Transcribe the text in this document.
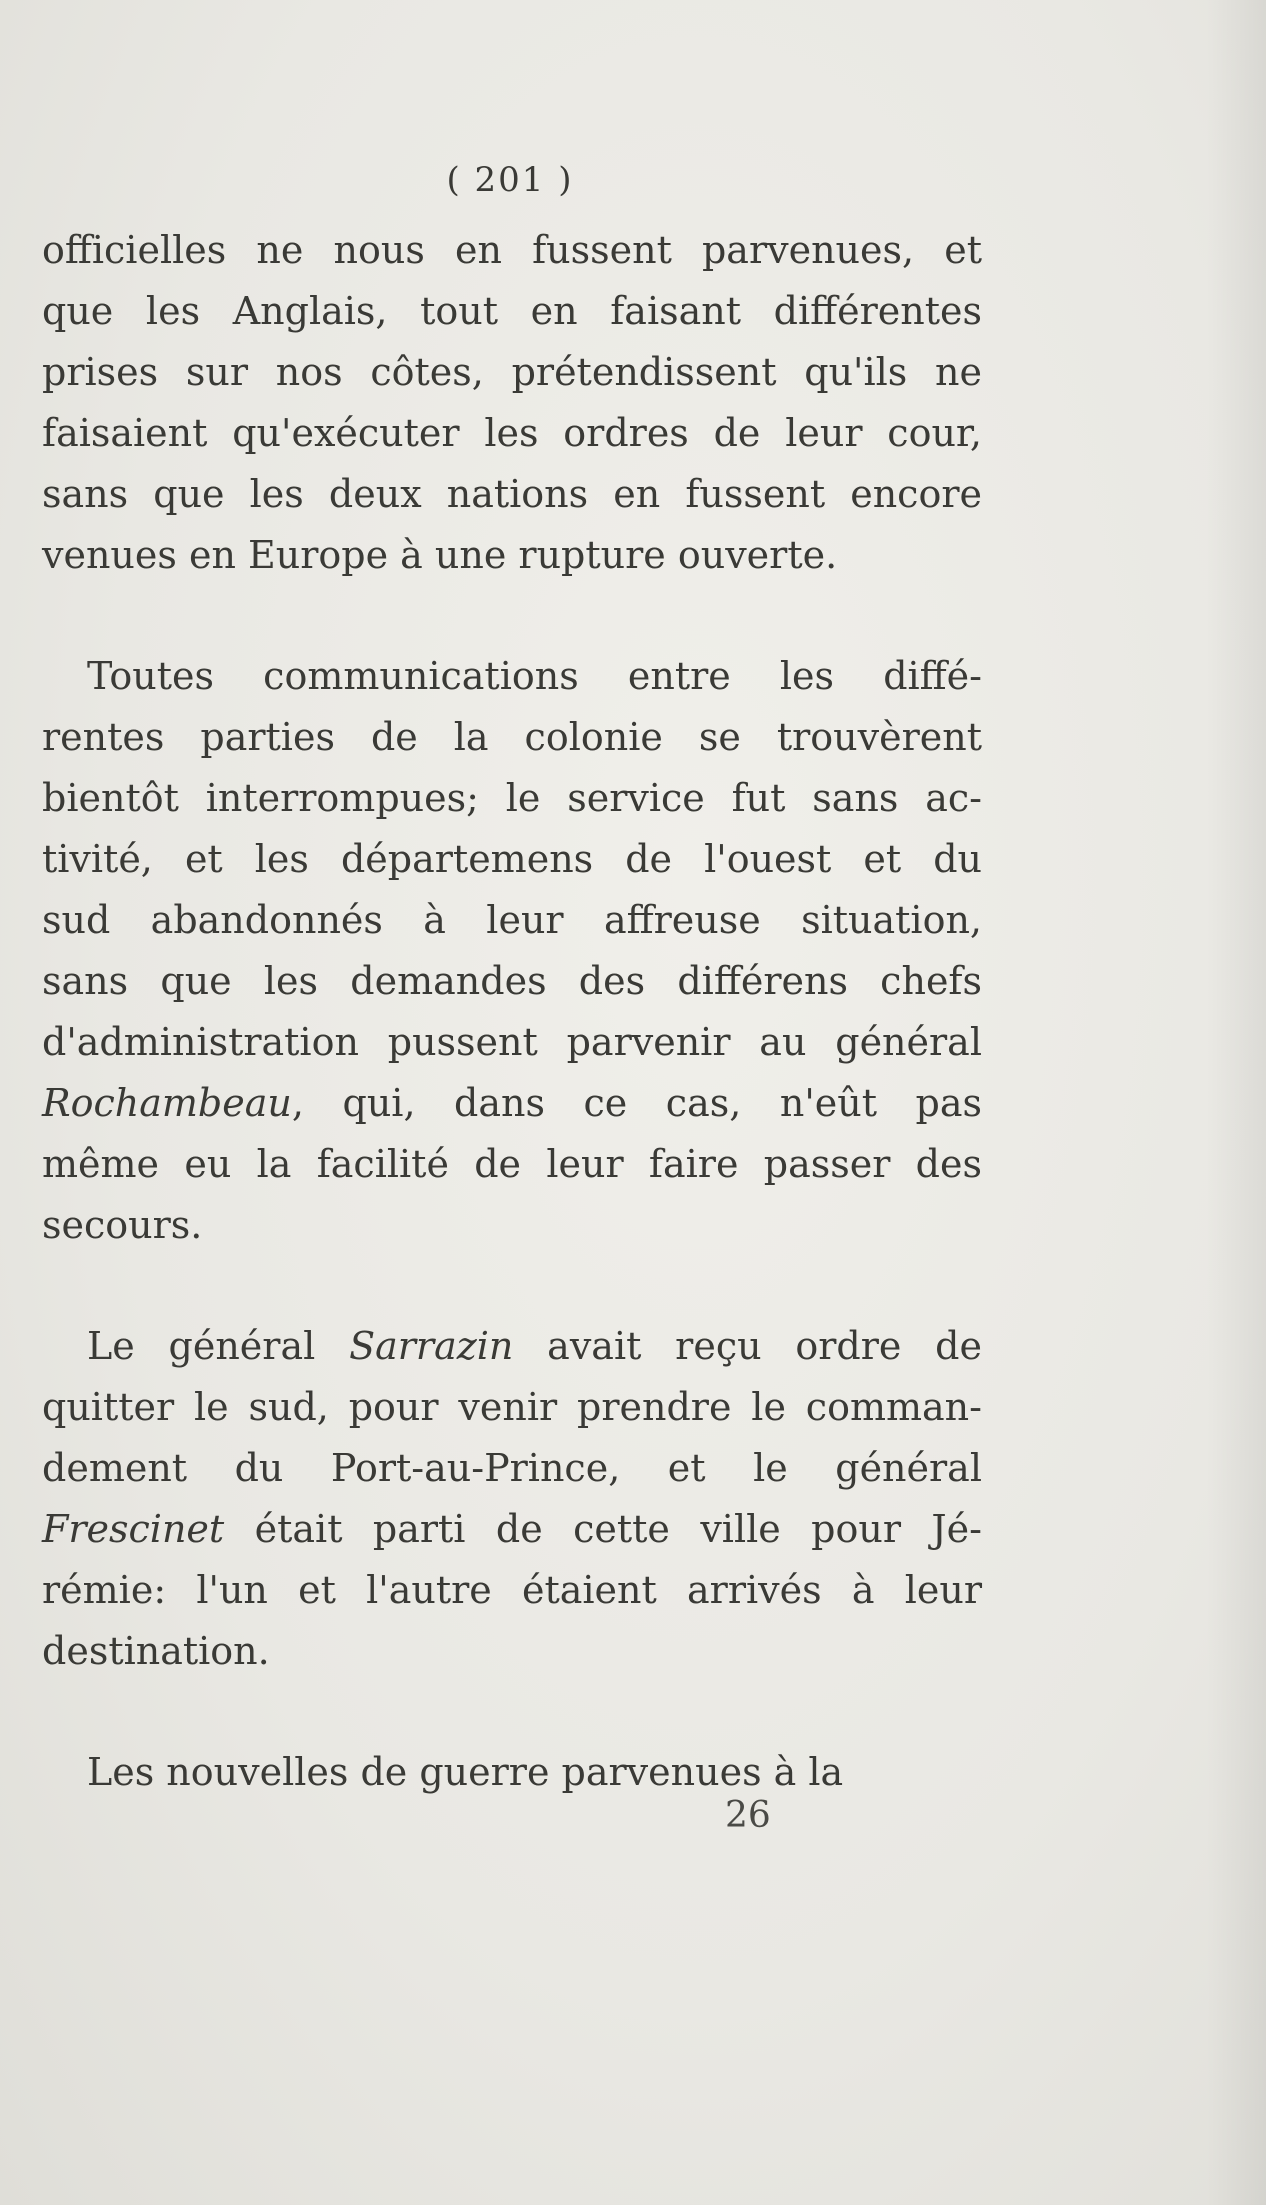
( 201 )
officielles ne nous en fussent parvenues, et
que les Anglais, tout en faisant différentes
prises sur nos côtes, prétendissent qu'ils ne
faisaient qu'exécuter les ordres de leur cour,
sans que les deux nations en fussent encore
venues en Europe à une rupture ouverte.
Toutes communications entre les diffé-
rentes parties de la colonie se trouvèrent
bientôt interrompues; le service fut sans ac-
tivité, et les départemens de l'ouest et du
sud abandonnés à leur affreuse situation,
sans que les demandes des différens chefs
d'administration pussent parvenir au général
Rochambeau, qui, dans ce cas, n'eût pas
même eu la facilité de leur faire passer des
secours.
Le général Sarrazin avait reçu ordre de
quitter le sud, pour venir prendre le comman-
dement du Port-au-Prince, et le général
Frescinet était parti de cette ville pour Jé-
rémie: l'un et l'autre étaient arrivés à leur
destination.
Les nouvelles de guerre parvenues à la
26
